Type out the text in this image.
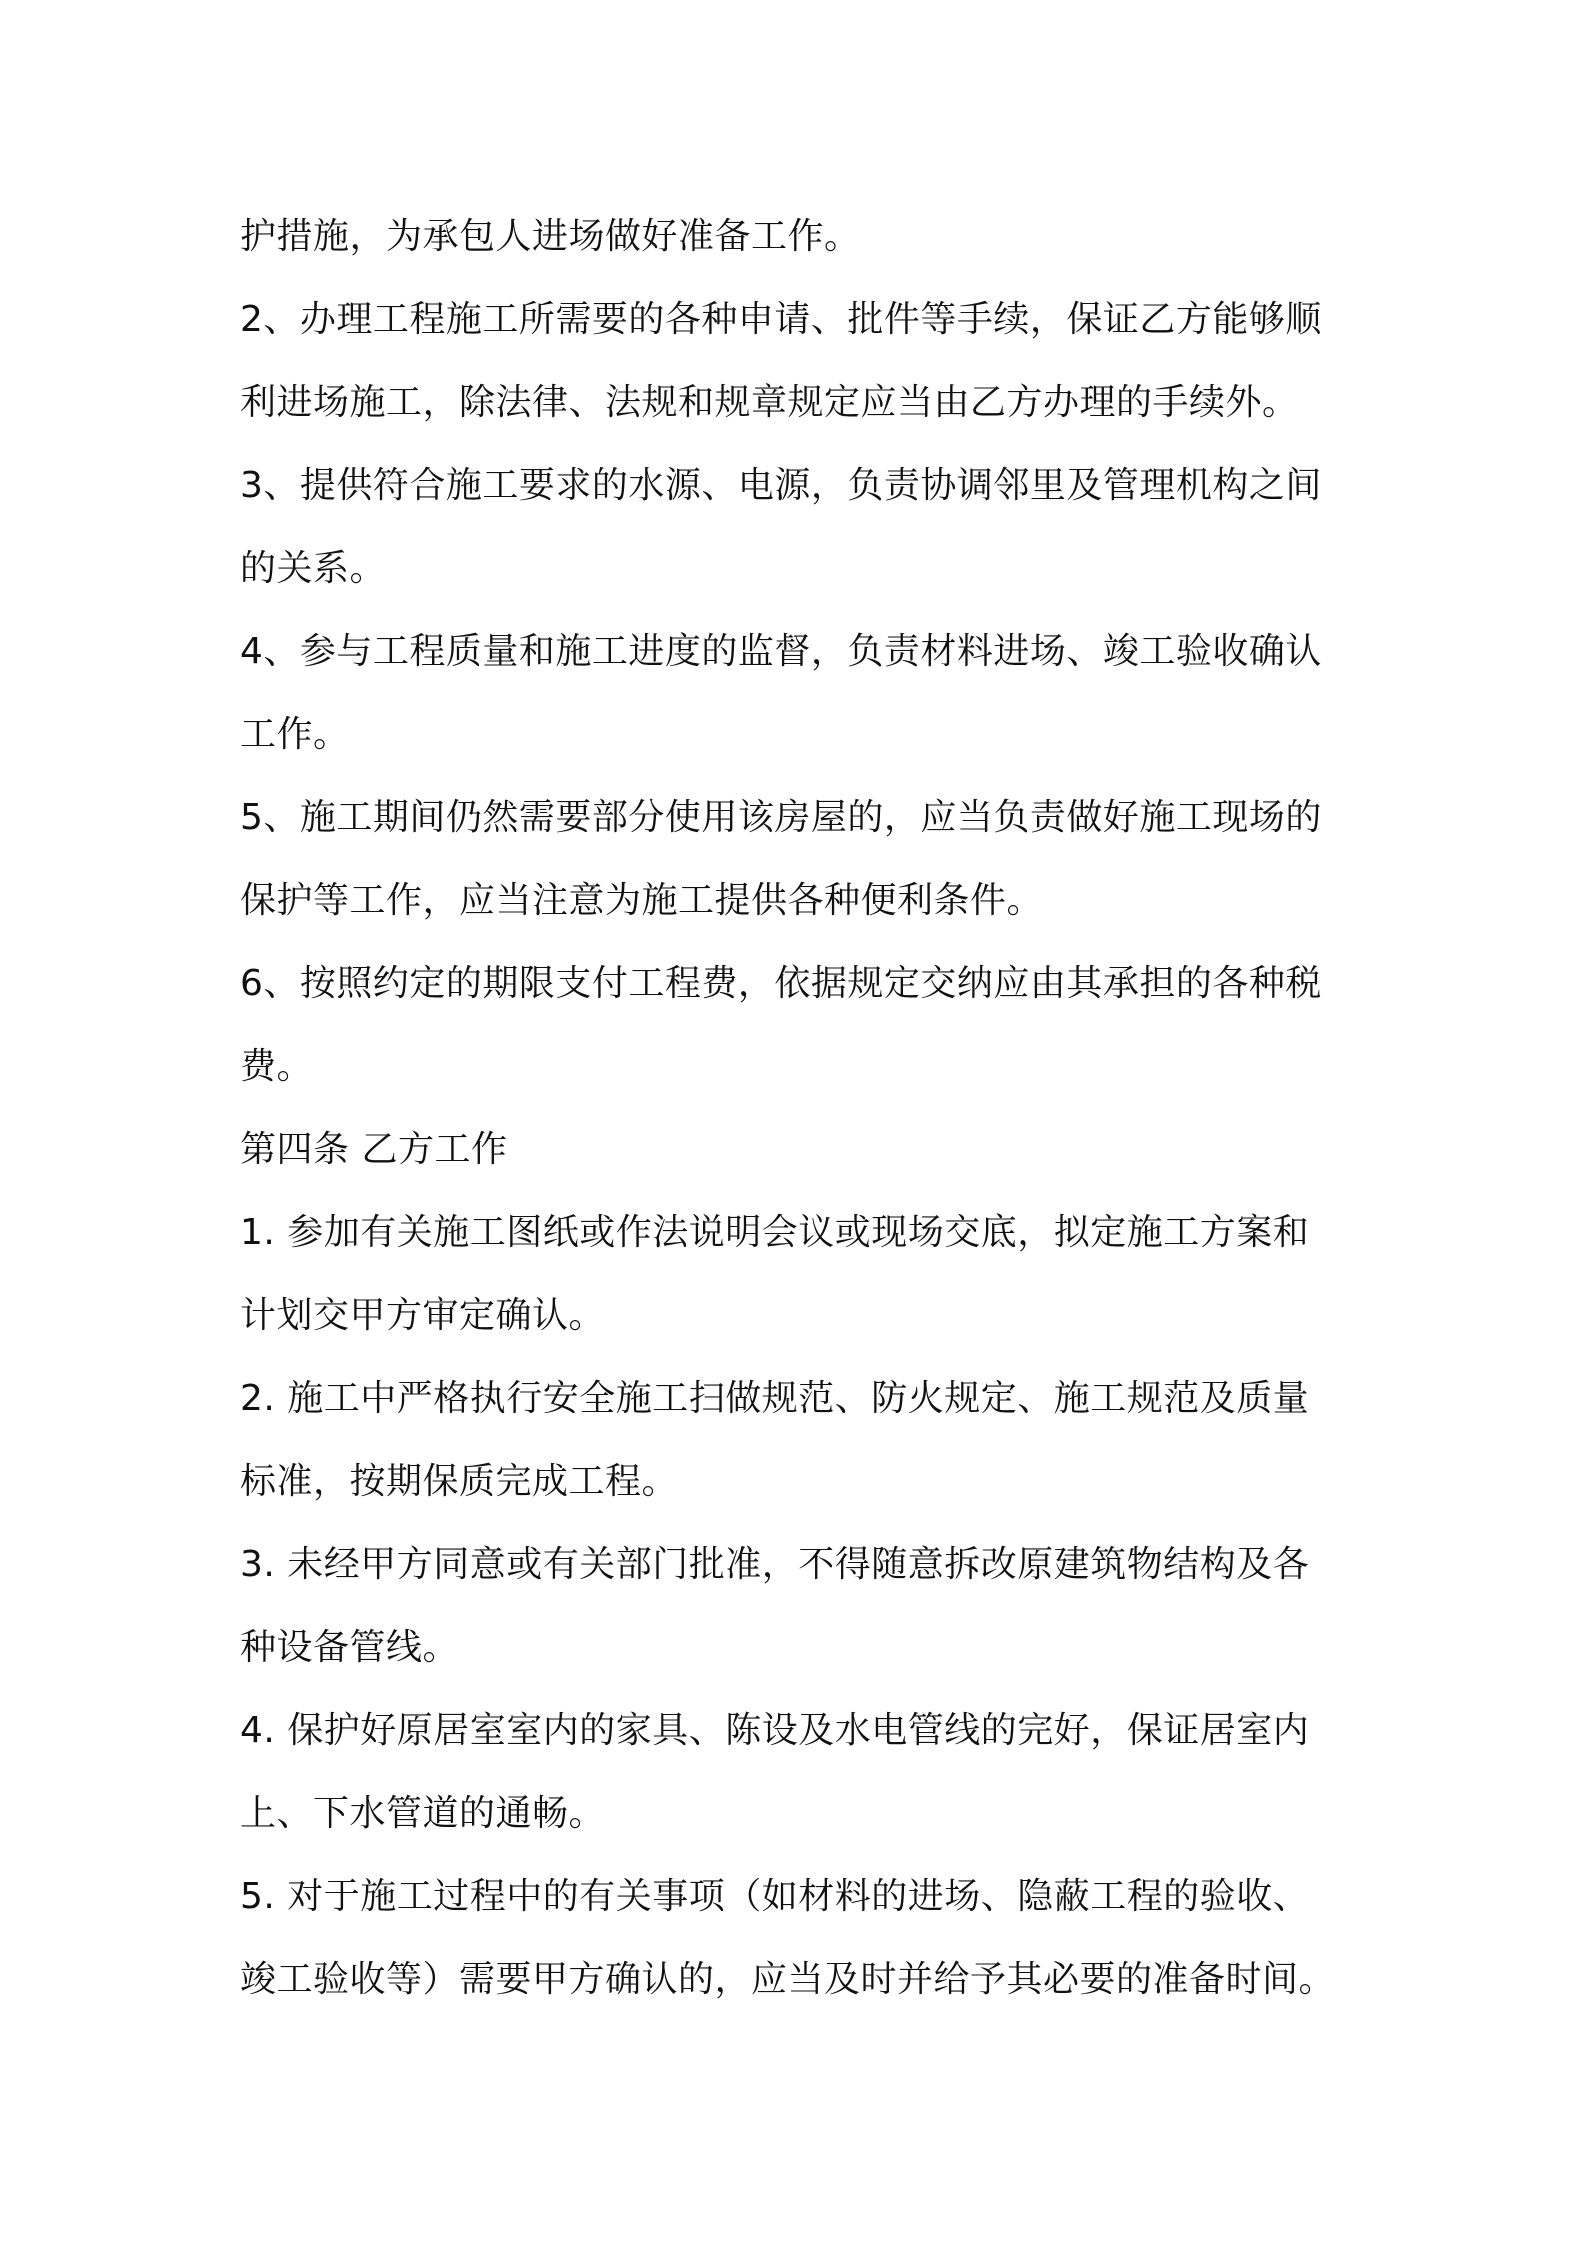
护措施，为承包人进场做好准备工作。
2、办理工程施工所需要的各种申请、批件等手续，保证乙方能够顺
利进场施工，除法律、法规和规章规定应当由乙方办理的手续外。
3、提供符合施工要求的水源、电源，负责协调邻里及管理机构之间
的关系。
4、参与工程质量和施工进度的监督，负责材料进场、竣工验收确认
工作。
5、施工期间仍然需要部分使用该房屋的，应当负责做好施工现场的
保护等工作，应当注意为施工提供各种便利条件。
6、按照约定的期限支付工程费，依据规定交纳应由其承担的各种税
费。
第四条 乙方工作
1. 参加有关施工图纸或作法说明会议或现场交底，拟定施工方案和
计划交甲方审定确认。
2. 施工中严格执行安全施工扫做规范、防火规定、施工规范及质量
标准，按期保质完成工程。
3. 未经甲方同意或有关部门批准，不得随意拆改原建筑物结构及各
种设备管线。
4. 保护好原居室室内的家具、陈设及水电管线的完好，保证居室内
上、下水管道的通畅。
5. 对于施工过程中的有关事项（如材料的进场、隐蔽工程的验收、
竣工验收等）需要甲方确认的，应当及时并给予其必要的准备时间。
